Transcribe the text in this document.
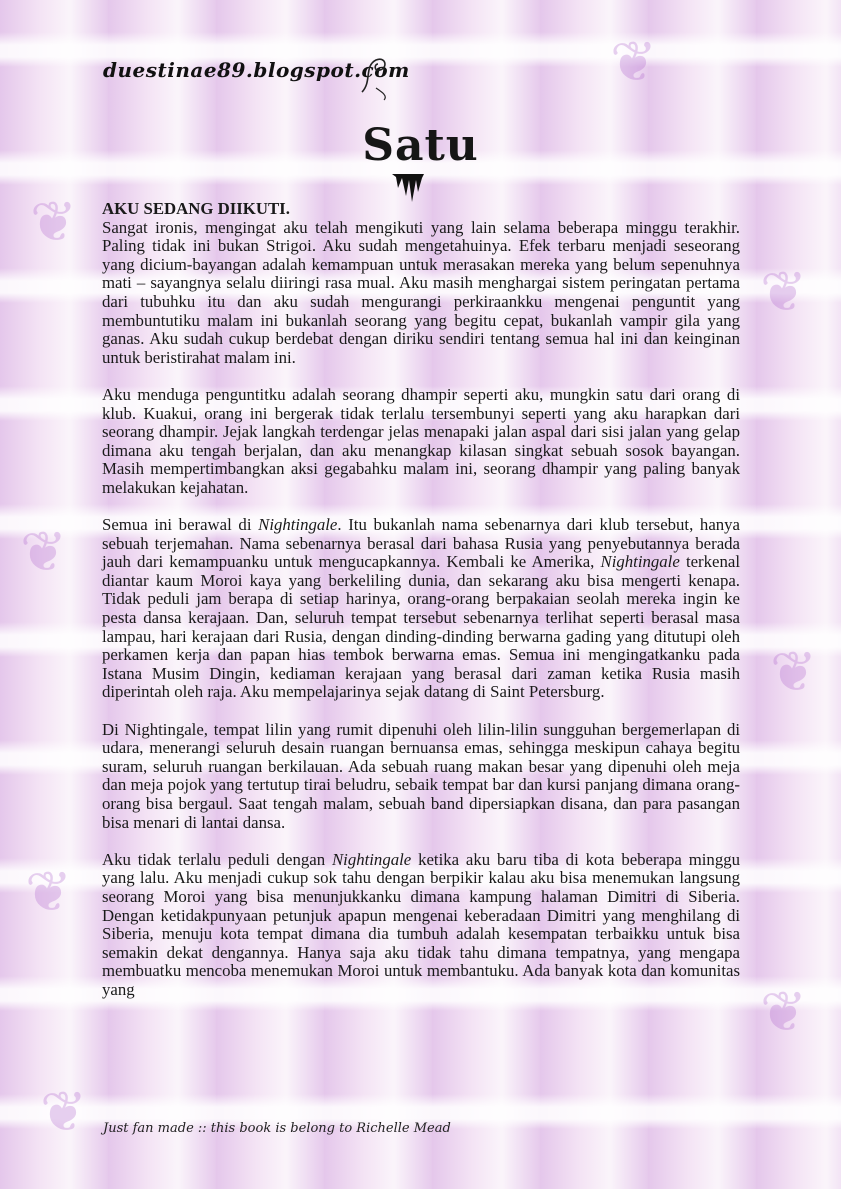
❦
❦
❦
❦
❦
❦
❦
❦
duestinae89.blogspot.com
Satu
AKU SEDANG DIIKUTI.

Sangat ironis, mengingat aku telah mengikuti yang lain selama beberapa minggu terakhir. Paling tidak ini bukan Strigoi. Aku sudah mengetahuinya. Efek terbaru menjadi seseorang yang dicium-bayangan adalah kemampuan untuk merasakan mereka yang belum sepenuhnya mati – sayangnya selalu diiringi rasa mual. Aku masih menghargai sistem peringatan pertama dari tubuhku itu dan aku sudah mengurangi perkiraankku mengenai penguntit yang membuntutiku malam ini bukanlah seorang yang begitu cepat, bukanlah vampir gila yang ganas. Aku sudah cukup berdebat dengan diriku sendiri tentang semua hal ini dan keinginan untuk beristirahat malam ini.

Aku menduga penguntitku adalah seorang dhampir seperti aku, mungkin satu dari orang di klub. Kuakui, orang ini bergerak tidak terlalu tersembunyi seperti yang aku harapkan dari seorang dhampir. Jejak langkah terdengar jelas menapaki jalan aspal dari sisi jalan yang gelap dimana aku tengah berjalan, dan aku menangkap kilasan singkat sebuah sosok bayangan. Masih mempertimbangkan aksi gegabahku malam ini, seorang dhampir yang paling banyak melakukan kejahatan.

Semua ini berawal di Nightingale. Itu bukanlah nama sebenarnya dari klub tersebut, hanya sebuah terjemahan. Nama sebenarnya berasal dari bahasa Rusia yang penyebutannya berada jauh dari kemampuanku untuk mengucapkannya. Kembali ke Amerika, Nightingale terkenal diantar kaum Moroi kaya yang berkeliling dunia, dan sekarang aku bisa mengerti kenapa. Tidak peduli jam berapa di setiap harinya, orang-orang berpakaian seolah mereka ingin ke pesta dansa kerajaan. Dan, seluruh tempat tersebut sebenarnya terlihat seperti berasal masa lampau, hari kerajaan dari Rusia, dengan dinding-dinding berwarna gading yang ditutupi oleh perkamen kerja dan papan hias tembok berwarna emas. Semua ini mengingatkanku pada Istana Musim Dingin, kediaman kerajaan yang berasal dari zaman ketika Rusia masih diperintah oleh raja. Aku mempelajarinya sejak datang di Saint Petersburg.

Di Nightingale, tempat lilin yang rumit dipenuhi oleh lilin-lilin sungguhan bergemerlapan di udara, menerangi seluruh desain ruangan bernuansa emas, sehingga meskipun cahaya begitu suram, seluruh ruangan berkilauan. Ada sebuah ruang makan besar yang dipenuhi oleh meja dan meja pojok yang tertutup tirai beludru, sebaik tempat bar dan kursi panjang dimana orang-orang bisa bergaul. Saat tengah malam, sebuah band dipersiapkan disana, dan para pasangan bisa menari di lantai dansa.

Aku tidak terlalu peduli dengan Nightingale ketika aku baru tiba di kota beberapa minggu yang lalu. Aku menjadi cukup sok tahu dengan berpikir kalau aku bisa menemukan langsung seorang Moroi yang bisa menunjukkanku dimana kampung halaman Dimitri di Siberia. Dengan ketidakpunyaan petunjuk apapun mengenai keberadaan Dimitri yang menghilang di Siberia, menuju kota tempat dimana dia tumbuh adalah kesempatan terbaikku untuk bisa semakin dekat dengannya. Hanya saja aku tidak tahu dimana tempatnya, yang mengapa membuatku mencoba menemukan Moroi untuk membantuku. Ada banyak kota dan komunitas yang

Just fan made :: this book is belong to Richelle Mead
